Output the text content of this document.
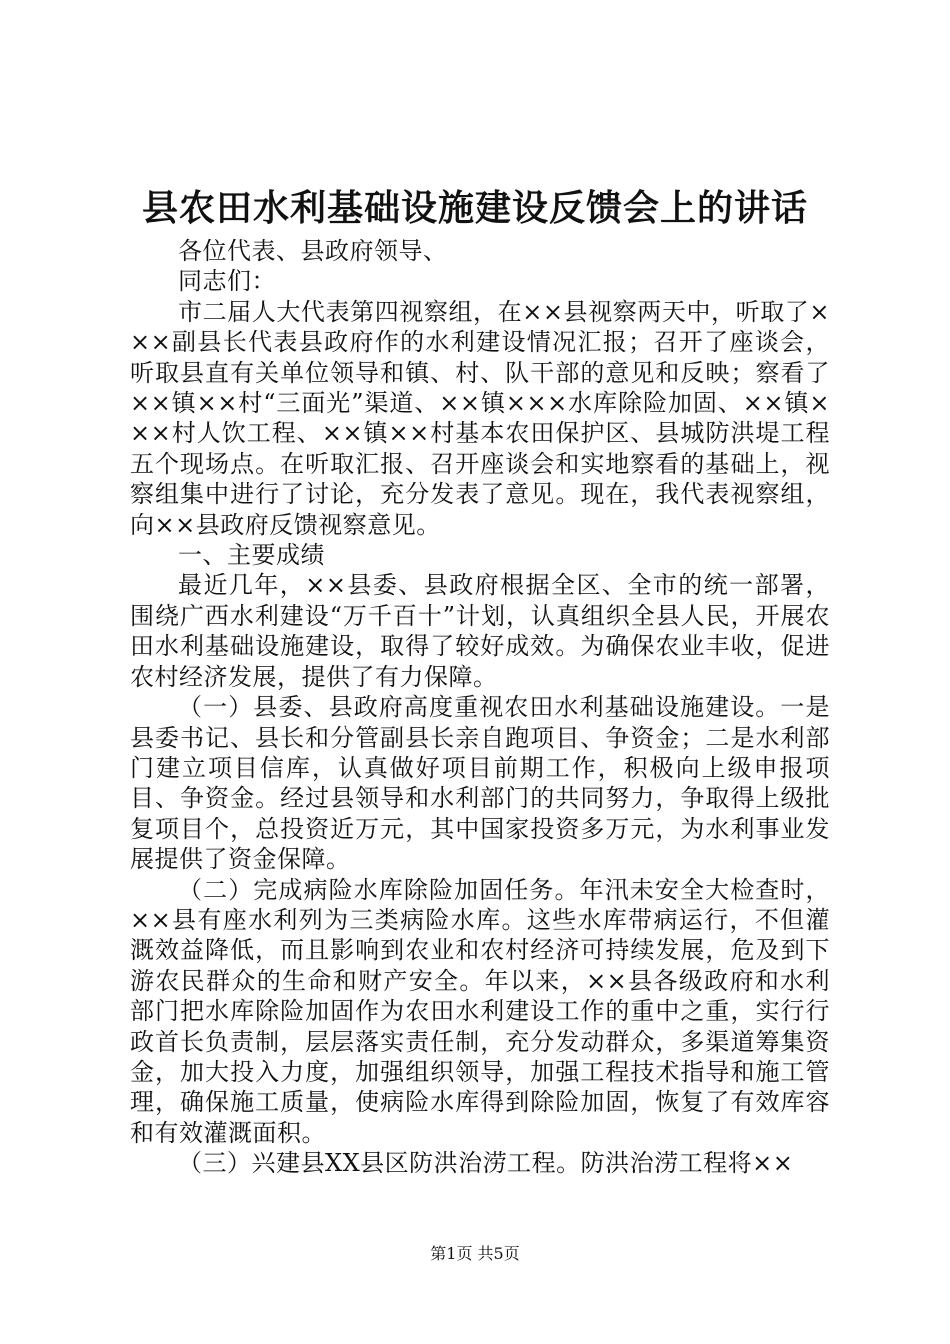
县农田水利基础设施建设反馈会上的讲话

各位代表、县政府领导、

同志们：

市二届人大代表第四视察组，在××县视察两天中，听取了×××副县长代表县政府作的水利建设情况汇报；召开了座谈会，听取县直有关单位领导和镇、村、队干部的意见和反映；察看了××镇××村“三面光”渠道、××镇×××水库除险加固、××镇×××村人饮工程、××镇××村基本农田保护区、县城防洪堤工程五个现场点。在听取汇报、召开座谈会和实地察看的基础上，视察组集中进行了讨论，充分发表了意见。现在，我代表视察组，向××县政府反馈视察意见。

一、主要成绩

最近几年，××县委、县政府根据全区、全市的统一部署，围绕广西水利建设“万千百十”计划，认真组织全县人民，开展农田水利基础设施建设，取得了较好成效。为确保农业丰收，促进农村经济发展，提供了有力保障。

（一）县委、县政府高度重视农田水利基础设施建设。一是县委书记、县长和分管副县长亲自跑项目、争资金；二是水利部门建立项目信库，认真做好项目前期工作，积极向上级申报项目、争资金。经过县领导和水利部门的共同努力，争取得上级批复项目个，总投资近万元，其中国家投资多万元，为水利事业发展提供了资金保障。

（二）完成病险水库除险加固任务。年汛未安全大检查时，××县有座水利列为三类病险水库。这些水库带病运行，不但灌溉效益降低，而且影响到农业和农村经济可持续发展，危及到下游农民群众的生命和财产安全。年以来，××县各级政府和水利部门把水库除险加固作为农田水利建设工作的重中之重，实行行政首长负责制，层层落实责任制，充分发动群众，多渠道筹集资金，加大投入力度，加强组织领导，加强工程技术指导和施工管理，确保施工质量，使病险水库得到除险加固，恢复了有效库容和有效灌溉面积。

（三）兴建县XX县区防洪治涝工程。防洪治涝工程将××

第1页 共5页
